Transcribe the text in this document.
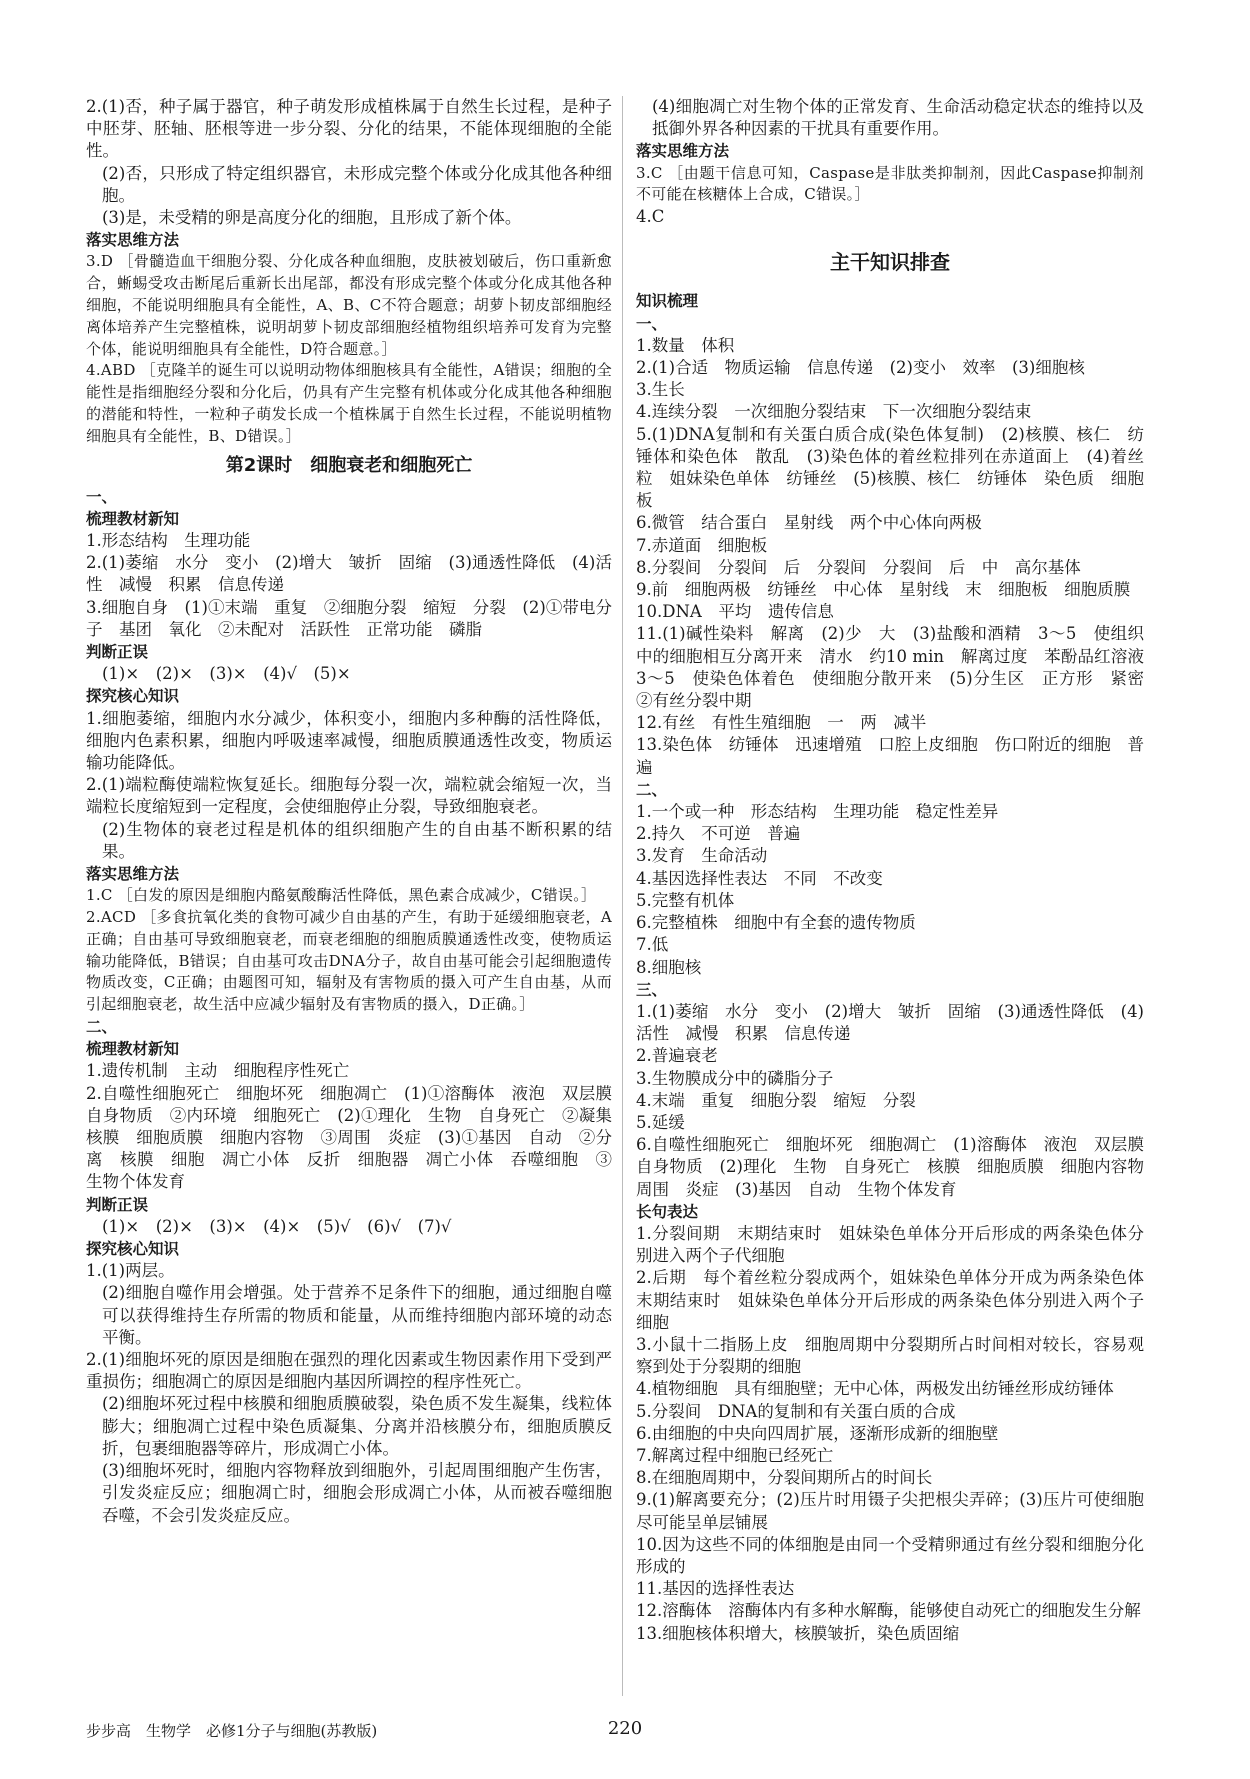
2.(1)否，种子属于器官，种子萌发形成植株属于自然生长过程，是种子中胚芽、胚轴、胚根等进一步分裂、分化的结果，不能体现细胞的全能性。
(2)否，只形成了特定组织器官，未形成完整个体或分化成其他各种细胞。
(3)是，未受精的卵是高度分化的细胞，且形成了新个体。
落实思维方法
3.D ［骨髓造血干细胞分裂、分化成各种血细胞，皮肤被划破后，伤口重新愈合，蜥蜴受攻击断尾后重新长出尾部，都没有形成完整个体或分化成其他各种细胞，不能说明细胞具有全能性，A、B、C不符合题意；胡萝卜韧皮部细胞经离体培养产生完整植株，说明胡萝卜韧皮部细胞经植物组织培养可发育为完整个体，能说明细胞具有全能性，D符合题意。］
4.ABD ［克隆羊的诞生可以说明动物体细胞核具有全能性，A错误；细胞的全能性是指细胞经分裂和分化后，仍具有产生完整有机体或分化成其他各种细胞的潜能和特性，一粒种子萌发长成一个植株属于自然生长过程，不能说明植物细胞具有全能性，B、D错误。］
第2课时　细胞衰老和细胞死亡
一、
梳理教材新知
1.形态结构　生理功能
2.(1)萎缩　水分　变小　(2)增大　皱折　固缩　(3)通透性降低　(4)活性　减慢　积累　信息传递
3.细胞自身　(1)①末端　重复　②细胞分裂　缩短　分裂　(2)①带电分子　基团　氧化　②未配对　活跃性　正常功能　磷脂
判断正误
(1)×　(2)×　(3)×　(4)√　(5)×
探究核心知识
1.细胞萎缩，细胞内水分减少，体积变小，细胞内多种酶的活性降低，细胞内色素积累，细胞内呼吸速率减慢，细胞质膜通透性改变，物质运输功能降低。
2.(1)端粒酶使端粒恢复延长。细胞每分裂一次，端粒就会缩短一次，当端粒长度缩短到一定程度，会使细胞停止分裂，导致细胞衰老。
(2)生物体的衰老过程是机体的组织细胞产生的自由基不断积累的结果。
落实思维方法
1.C ［白发的原因是细胞内酪氨酸酶活性降低，黑色素合成减少，C错误。］
2.ACD ［多食抗氧化类的食物可减少自由基的产生，有助于延缓细胞衰老，A正确；自由基可导致细胞衰老，而衰老细胞的细胞质膜通透性改变，使物质运输功能降低，B错误；自由基可攻击DNA分子，故自由基可能会引起细胞遗传物质改变，C正确；由题图可知，辐射及有害物质的摄入可产生自由基，从而引起细胞衰老，故生活中应减少辐射及有害物质的摄入，D正确。］
二、
梳理教材新知
1.遗传机制　主动　细胞程序性死亡
2.自噬性细胞死亡　细胞坏死　细胞凋亡　(1)①溶酶体　液泡　双层膜　自身物质　②内环境　细胞死亡　(2)①理化　生物　自身死亡　②凝集　核膜　细胞质膜　细胞内容物　③周围　炎症　(3)①基因　自动　②分离　核膜　细胞　凋亡小体　反折　细胞器　凋亡小体　吞噬细胞　③生物个体发育
判断正误
(1)×　(2)×　(3)×　(4)×　(5)√　(6)√　(7)√
探究核心知识
1.(1)两层。
(2)细胞自噬作用会增强。处于营养不足条件下的细胞，通过细胞自噬可以获得维持生存所需的物质和能量，从而维持细胞内部环境的动态平衡。
2.(1)细胞坏死的原因是细胞在强烈的理化因素或生物因素作用下受到严重损伤；细胞凋亡的原因是细胞内基因所调控的程序性死亡。
(2)细胞坏死过程中核膜和细胞质膜破裂，染色质不发生凝集，线粒体膨大；细胞凋亡过程中染色质凝集、分离并沿核膜分布，细胞质膜反折，包裹细胞器等碎片，形成凋亡小体。
(3)细胞坏死时，细胞内容物释放到细胞外，引起周围细胞产生伤害，引发炎症反应；细胞凋亡时，细胞会形成凋亡小体，从而被吞噬细胞吞噬，不会引发炎症反应。
(4)细胞凋亡对生物个体的正常发育、生命活动稳定状态的维持以及抵御外界各种因素的干扰具有重要作用。
落实思维方法
3.C ［由题干信息可知，Caspase是非肽类抑制剂，因此Caspase抑制剂不可能在核糖体上合成，C错误。］
4.C
主干知识排查
知识梳理
一、
1.数量　体积
2.(1)合适　物质运输　信息传递　(2)变小　效率　(3)细胞核
3.生长
4.连续分裂　一次细胞分裂结束　下一次细胞分裂结束
5.(1)DNA复制和有关蛋白质合成(染色体复制)　(2)核膜、核仁　纺锤体和染色体　散乱　(3)染色体的着丝粒排列在赤道面上　(4)着丝粒　姐妹染色单体　纺锤丝　(5)核膜、核仁　纺锤体　染色质　细胞板
6.微管　结合蛋白　星射线　两个中心体向两极
7.赤道面　细胞板
8.分裂间　分裂间　后　分裂间　分裂间　后　中　高尔基体
9.前　细胞两极　纺锤丝　中心体　星射线　末　细胞板　细胞质膜
10.DNA　平均　遗传信息
11.(1)碱性染料　解离　(2)少　大　(3)盐酸和酒精　3～5　使组织中的细胞相互分离开来　清水　约10 min　解离过度　苯酚品红溶液　3～5　使染色体着色　使细胞分散开来　(5)分生区　正方形　紧密　②有丝分裂中期
12.有丝　有性生殖细胞　一　两　减半
13.染色体　纺锤体　迅速增殖　口腔上皮细胞　伤口附近的细胞　普遍
二、
1.一个或一种　形态结构　生理功能　稳定性差异
2.持久　不可逆　普遍
3.发育　生命活动
4.基因选择性表达　不同　不改变
5.完整有机体
6.完整植株　细胞中有全套的遗传物质
7.低
8.细胞核
三、
1.(1)萎缩　水分　变小　(2)增大　皱折　固缩　(3)通透性降低　(4)活性　减慢　积累　信息传递
2.普遍衰老
3.生物膜成分中的磷脂分子
4.末端　重复　细胞分裂　缩短　分裂
5.延缓
6.自噬性细胞死亡　细胞坏死　细胞凋亡　(1)溶酶体　液泡　双层膜　自身物质　(2)理化　生物　自身死亡　核膜　细胞质膜　细胞内容物　周围　炎症　(3)基因　自动　生物个体发育
长句表达
1.分裂间期　末期结束时　姐妹染色单体分开后形成的两条染色体分别进入两个子代细胞
2.后期　每个着丝粒分裂成两个，姐妹染色单体分开成为两条染色体　末期结束时　姐妹染色单体分开后形成的两条染色体分别进入两个子细胞
3.小鼠十二指肠上皮　细胞周期中分裂期所占时间相对较长，容易观察到处于分裂期的细胞
4.植物细胞　具有细胞壁；无中心体，两极发出纺锤丝形成纺锤体
5.分裂间　DNA的复制和有关蛋白质的合成
6.由细胞的中央向四周扩展，逐渐形成新的细胞壁
7.解离过程中细胞已经死亡
8.在细胞周期中，分裂间期所占的时间长
9.(1)解离要充分；(2)压片时用镊子尖把根尖弄碎；(3)压片可使细胞尽可能呈单层铺展
10.因为这些不同的体细胞是由同一个受精卵通过有丝分裂和细胞分化形成的
11.基因的选择性表达
12.溶酶体　溶酶体内有多种水解酶，能够使自动死亡的细胞发生分解
13.细胞核体积增大，核膜皱折，染色质固缩
步步高　生物学　必修1分子与细胞(苏教版)	220
